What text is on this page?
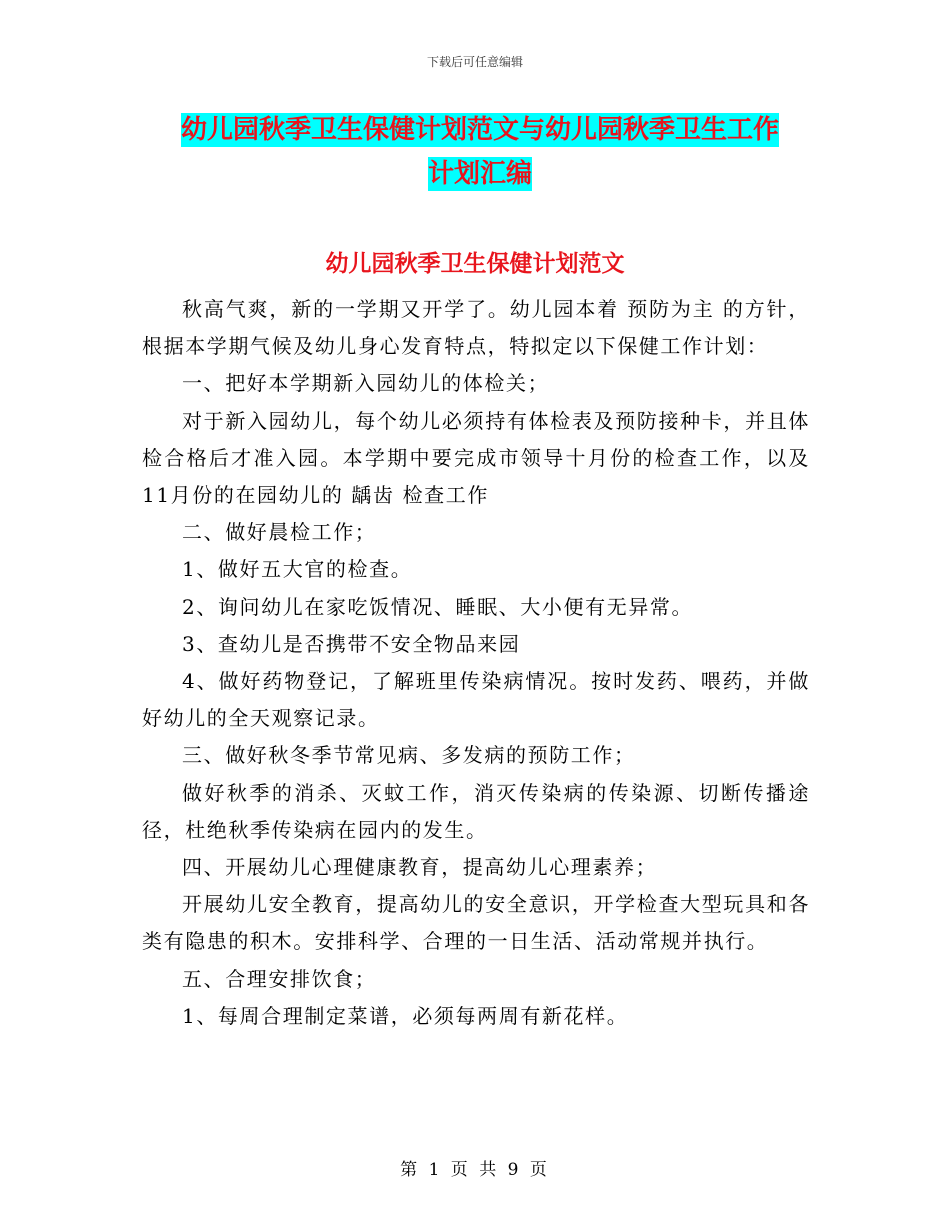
下载后可任意编辑
幼儿园秋季卫生保健计划范文与幼儿园秋季卫生工作
计划汇编
幼儿园秋季卫生保健计划范文

秋高气爽，新的一学期又开学了。幼儿园本着 预防为主 的方针，根据本学期气候及幼儿身心发育特点，特拟定以下保健工作计划：

一、把好本学期新入园幼儿的体检关；

对于新入园幼儿，每个幼儿必须持有体检表及预防接种卡，并且体检合格后才准入园。本学期中要完成市领导十月份的检查工作，以及11月份的在园幼儿的 龋齿 检查工作

二、做好晨检工作；

1、做好五大官的检查。

2、询问幼儿在家吃饭情况、睡眠、大小便有无异常。

3、查幼儿是否携带不安全物品来园

4、做好药物登记，了解班里传染病情况。按时发药、喂药，并做好幼儿的全天观察记录。

三、做好秋冬季节常见病、多发病的预防工作；

做好秋季的消杀、灭蚊工作，消灭传染病的传染源、切断传播途径，杜绝秋季传染病在园内的发生。

四、开展幼儿心理健康教育，提高幼儿心理素养；

开展幼儿安全教育，提高幼儿的安全意识，开学检查大型玩具和各类有隐患的积木。安排科学、合理的一日生活、活动常规并执行。

五、合理安排饮食；

1、每周合理制定菜谱，必须每两周有新花样。

第 1 页 共 9 页
